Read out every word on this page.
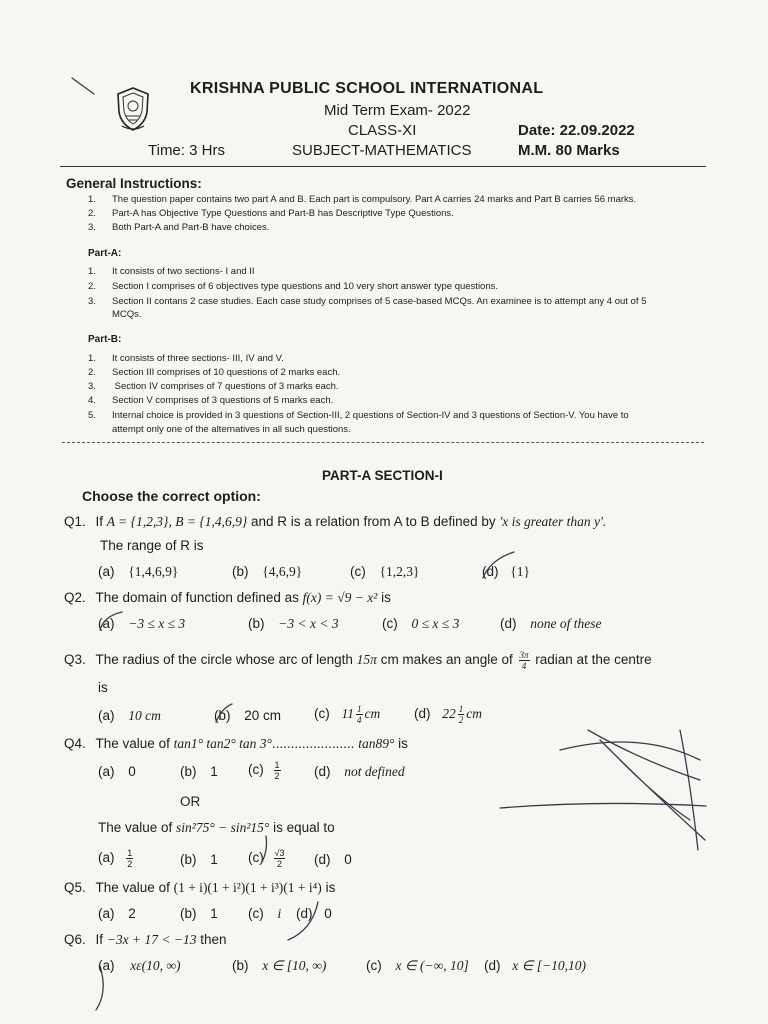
KRISHNA PUBLIC SCHOOL INTERNATIONAL
Mid Term Exam- 2022
CLASS-XI	Date: 22.09.2022
Time: 3 Hrs	SUBJECT-MATHEMATICS	M.M. 80 Marks
General Instructions:
1. The question paper contains two part A and B. Each part is compulsory. Part A carries 24 marks and Part B carries 56 marks.
2. Part-A has Objective Type Questions and Part-B has Descriptive Type Questions.
3. Both Part-A and Part-B have choices.
Part-A:
1. It consists of two sections- I and II
2. Section I comprises of 6 objectives type questions and 10 very short answer type questions.
3. Section II contans 2 case studies. Each case study comprises of 5 case-based MCQs. An examinee is to attempt any 4 out of 5
MCQs.
Part-B:
1. It consists of three sections- III, IV and V.
2. Section III comprises of 10 questions of 2 marks each.
3. Section IV comprises of 7 questions of 3 marks each.
4. Section V comprises of 3 questions of 5 marks each.
5. Internal choice is provided in 3 questions of Section-III, 2 questions of Section-IV and 3 questions of Section-V. You have to
attempt only one of the alternatives in all such questions.
PART-A SECTION-I
Choose the correct option:
Q1. If A = {1,2,3}, B = {1,4,6,9} and R is a relation from A to B defined by 'x is greater than y'.
The range of R is
(a) {1,4,6,9}	(b) {4,6,9}	(c) {1,2,3}	(d) {1}
Q2. The domain of function defined as f(x) = √9 − x² is
(a) −3 ≤ x ≤ 3	(b) −3 < x < 3	(c) 0 ≤ x ≤ 3	(d) none of these
Q3. The radius of the circle whose arc of length 15π cm makes an angle of $\frac{3\pi}{4}$ radian at the centre
is
(a) 10 cm	(b) 20 cm (c) $11 \frac{1}{4}$ cm (d) $22 \frac{1}{2}$ cm
Q4. The value of tan1° tan2° tan 3°...................... tan89° is
(a) 0	(b) 1 $(c) \frac{1}{2} (d)$ not defined
OR
The value of sin²75° − sin²15° is equal to
$(a) \frac{1}{2}$	(b) 1 $(c) \frac{√3}{2} (d)$ 0
Q5. The value of (1 + i)(1 + i²)(1 + i³)(1 + i⁴) is
(a) 2	(b) 1 (c) i (d) 0
Q6. If −3x + 17 < −13 then
(a) xε(10, ∞)	(b) x ∈ [10, ∞)	(c) x ∈ (−∞, 10] (d) x ∈ [−10,10)
